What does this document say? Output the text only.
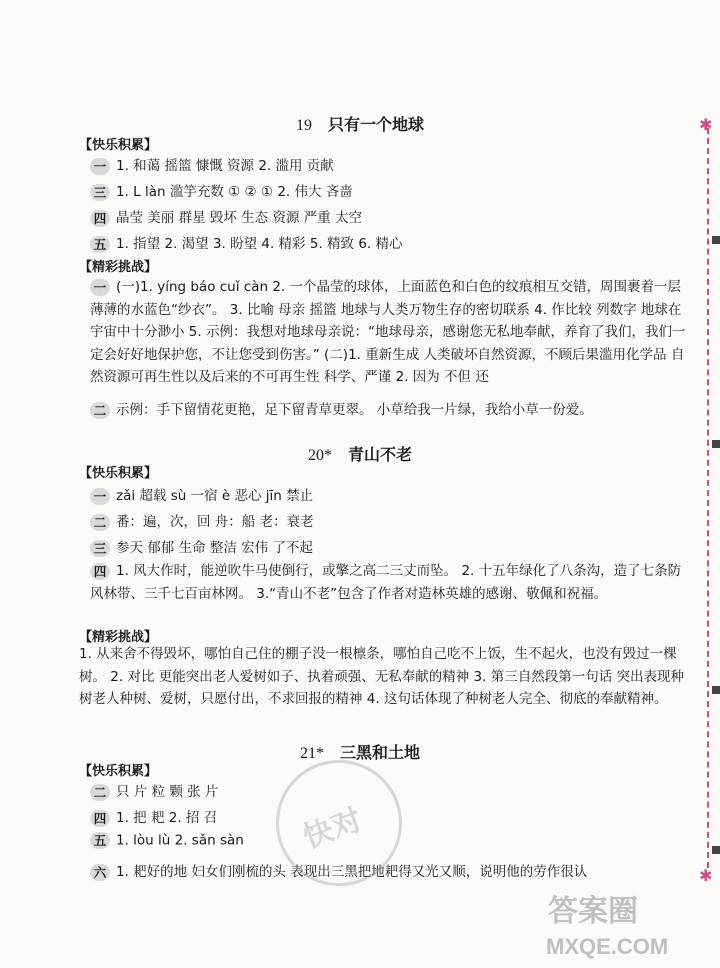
✱
✱
19 只有一个地球
【快乐积累】
一 1. 和蔼 摇篮 慷慨 资源 2. 滥用 贡献
三 1. L làn 滥竽充数 ① ② ① 2. 伟大 吝啬
四 晶莹 美丽 群星 毁坏 生态 资源 严重 太空
五 1. 指望 2. 渴望 3. 盼望 4. 精彩 5. 精致 6. 精心
【精彩挑战】
一 (一)1. yíng báo cuǐ càn 2. 一个晶莹的球体，上面蓝色和白色的纹痕相互交错，周围裹着一层薄薄的水蓝色“纱衣”。 3. 比喻 母亲 摇篮 地球与人类万物生存的密切联系 4. 作比较 列数字 地球在宇宙中十分渺小 5. 示例：我想对地球母亲说：“地球母亲，感谢您无私地奉献，养育了我们，我们一定会好好地保护您，不让您受到伤害。” (二)1. 重新生成 人类破坏自然资源，不顾后果滥用化学品 自然资源可再生性以及后来的不可再生性 科学、严谨 2. 因为 不但 还
二 示例：手下留情花更艳，足下留青草更翠。 小草给我一片绿，我给小草一份爱。
20* 青山不老
【快乐积累】
一 zǎi 超载 sù 一宿 è 恶心 jīn 禁止
二 番：遍，次，回 舟：船 老：衰老
三 参天 郁郁 生命 整洁 宏伟 了不起
四 1. 风大作时，能逆吹牛马使倒行，或擎之高二三丈而坠。 2. 十五年绿化了八条沟，造了七条防风林带、三千七百亩林网。 3.“青山不老”包含了作者对造林英雄的感谢、敬佩和祝福。
【精彩挑战】
1. 从来舍不得毁坏，哪怕自己住的棚子没一根檩条，哪怕自己吃不上饭，生不起火，也没有毁过一棵树。 2. 对比 更能突出老人爱树如子、执着顽强、无私奉献的精神 3. 第三自然段第一句话 突出表现种树老人种树、爱树，只愿付出，不求回报的精神 4. 这句话体现了种树老人完全、彻底的奉献精神。
21* 三黑和土地
【快乐积累】
二 只 片 粒 颗 张 片
四 1. 把 耙 2. 招 召
五 1. lòu lù 2. sǎn sàn
六 1. 耙好的地 妇女们刚梳的头 表现出三黑把地耙得又光又顺，说明他的劳作很认
快对
答案圈
MXQE.COM
